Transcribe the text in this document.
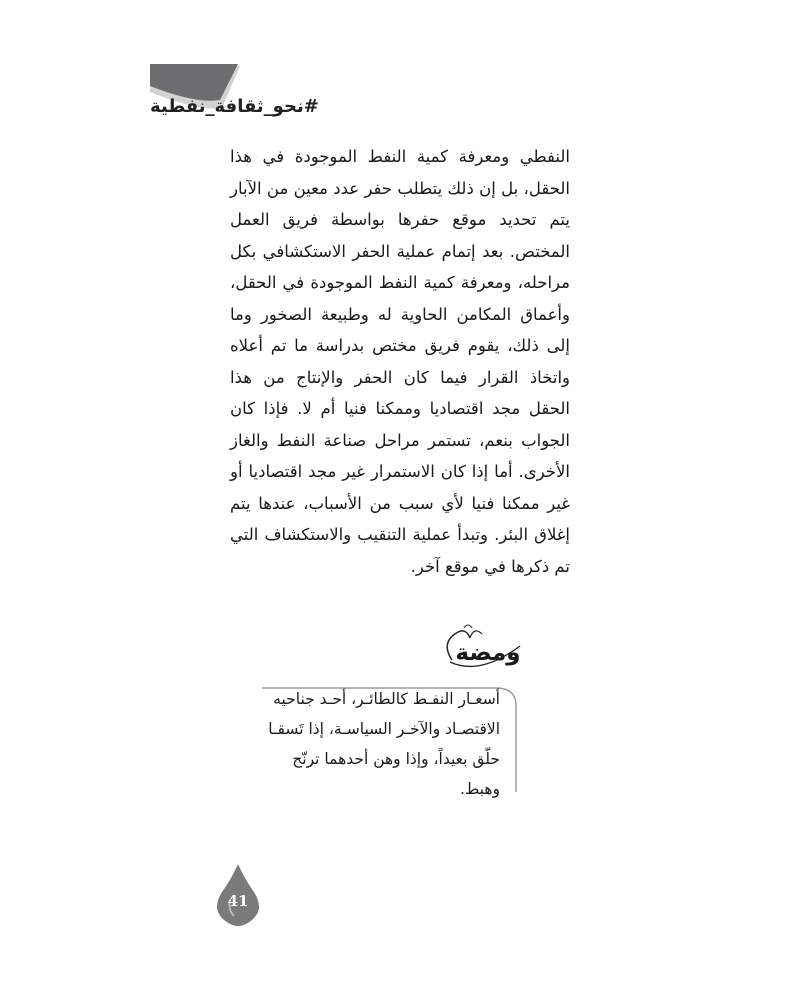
#نحو_ثقافة_نفطية

النفطي ومعرفة كمية النفط الموجودة في هذا الحقل، بل إن ذلك يتطلب حفر عدد معين من الآبار يتم تحديد موقع حفرها بواسطة فريق العمل المختص. بعد إتمام عملية الحفر الاستكشافي بكل مراحله، ومعرفة كمية النفط الموجودة في الحقل، وأعماق المكامن الحاوية له وطبيعة الصخور وما إلى ذلك، يقوم فريق مختص بدراسة ما تم أعلاه واتخاذ القرار فيما كان الحفر والإنتاج من هذا الحقل مجد اقتصاديا وممكنا فنيا أم لا. فإذا كان الجواب بنعم، تستمر مراحل صناعة النفط والغاز الأخرى. أما إذا كان الاستمرار غير مجد اقتصاديا أو غير ممكنا فنيا لأي سبب من الأسباب، عندها يتم إغلاق البئر. وتبدأ عملية التنقيب والاستكشاف التي تم ذكرها في موقع آخر.

ومضة

أسعـار النفـط كالطائـر، أحـد جناحيه الاقتصـاد والآخـر السياسـة، إذا تَسقـا حلّق بعيداً، وإذا وهن أحدهما ترنّح وهبط.

41
